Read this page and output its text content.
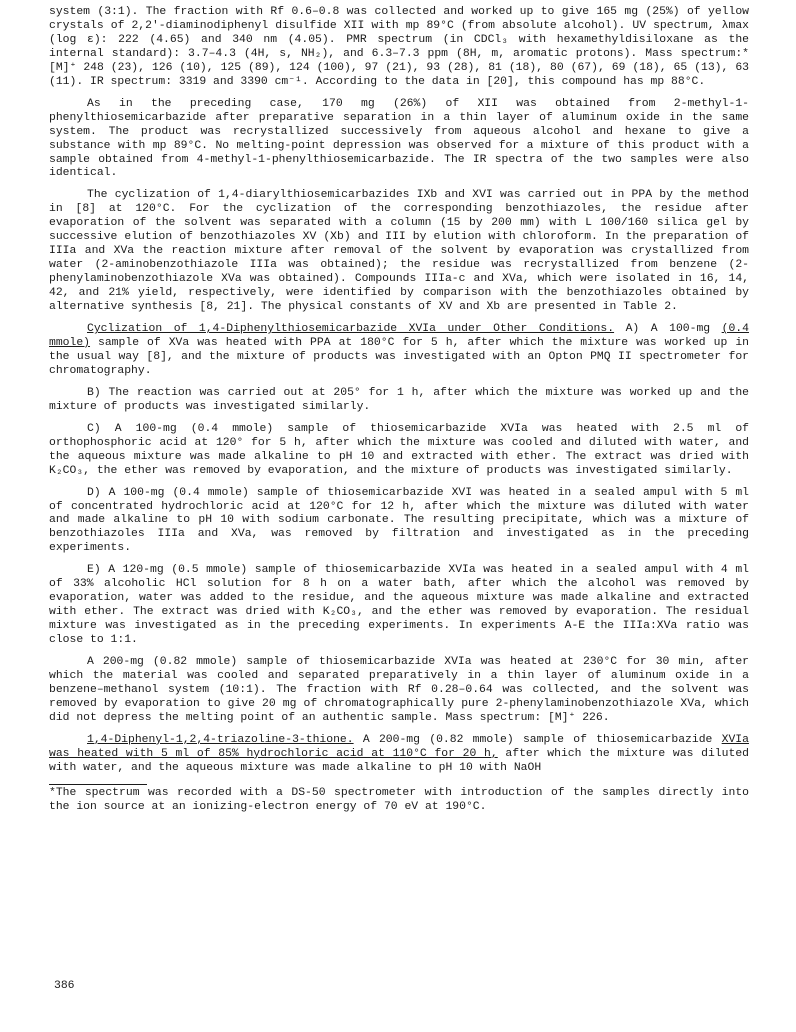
system (3:1). The fraction with Rf 0.6–0.8 was collected and worked up to give 165 mg (25%) of yellow crystals of 2,2'-diaminodiphenyl disulfide XII with mp 89°C (from absolute alcohol). UV spectrum, λmax (log ε): 222 (4.65) and 340 nm (4.05). PMR spectrum (in CDCl₃ with hexamethyldisiloxane as the internal standard): 3.7–4.3 (4H, s, NH₂), and 6.3–7.3 ppm (8H, m, aromatic protons). Mass spectrum:* [M]⁺ 248 (23), 126 (10), 125 (89), 124 (100), 97 (21), 93 (28), 81 (18), 80 (67), 69 (18), 65 (13), 63 (11). IR spectrum: 3319 and 3390 cm⁻¹. According to the data in [20], this compound has mp 88°C.

As in the preceding case, 170 mg (26%) of XII was obtained from 2-methyl-1-phenylthiosemicarbazide after preparative separation in a thin layer of aluminum oxide in the same system. The product was recrystallized successively from aqueous alcohol and hexane to give a substance with mp 89°C. No melting-point depression was observed for a mixture of this product with a sample obtained from 4-methyl-1-phenylthiosemicarbazide. The IR spectra of the two samples were also identical.

The cyclization of 1,4-diarylthiosemicarbazides IXb and XVI was carried out in PPA by the method in [8] at 120°C. For the cyclization of the corresponding benzothiazoles, the residue after evaporation of the solvent was separated with a column (15 by 200 mm) with L 100/160 silica gel by successive elution of benzothiazoles XV (Xb) and III by elution with chloroform. In the preparation of IIIa and XVa the reaction mixture after removal of the solvent by evaporation was crystallized from water (2-aminobenzothiazole IIIa was obtained); the residue was recrystallized from benzene (2-phenylaminobenzothiazole XVa was obtained). Compounds IIIa-c and XVa, which were isolated in 16, 14, 42, and 21% yield, respectively, were identified by comparison with the benzothiazoles obtained by alternative synthesis [8, 21]. The physical constants of XV and Xb are presented in Table 2.

Cyclization of 1,4-Diphenylthiosemicarbazide XVIa under Other Conditions. A) A 100-mg (0.4 mmole) sample of XVa was heated with PPA at 180°C for 5 h, after which the mixture was worked up in the usual way [8], and the mixture of products was investigated with an Opton PMQ II spectrometer for chromatography.

B) The reaction was carried out at 205° for 1 h, after which the mixture was worked up and the mixture of products was investigated similarly.

C) A 100-mg (0.4 mmole) sample of thiosemicarbazide XVIa was heated with 2.5 ml of orthophosphoric acid at 120° for 5 h, after which the mixture was cooled and diluted with water, and the aqueous mixture was made alkaline to pH 10 and extracted with ether. The extract was dried with K₂CO₃, the ether was removed by evaporation, and the mixture of products was investigated similarly.

D) A 100-mg (0.4 mmole) sample of thiosemicarbazide XVI was heated in a sealed ampul with 5 ml of concentrated hydrochloric acid at 120°C for 12 h, after which the mixture was diluted with water and made alkaline to pH 10 with sodium carbonate. The resulting precipitate, which was a mixture of benzothiazoles IIIa and XVa, was removed by filtration and investigated as in the preceding experiments.

E) A 120-mg (0.5 mmole) sample of thiosemicarbazide XVIa was heated in a sealed ampul with 4 ml of 33% alcoholic HCl solution for 8 h on a water bath, after which the alcohol was removed by evaporation, water was added to the residue, and the aqueous mixture was made alkaline and extracted with ether. The extract was dried with K₂CO₃, and the ether was removed by evaporation. The residual mixture was investigated as in the preceding experiments. In experiments A-E the IIIa:XVa ratio was close to 1:1.

A 200-mg (0.82 mmole) sample of thiosemicarbazide XVIa was heated at 230°C for 30 min, after which the material was cooled and separated preparatively in a thin layer of aluminum oxide in a benzene–methanol system (10:1). The fraction with Rf 0.28–0.64 was collected, and the solvent was removed by evaporation to give 20 mg of chromatographically pure 2-phenylaminobenzothiazole XVa, which did not depress the melting point of an authentic sample. Mass spectrum: [M]⁺ 226.

1,4-Diphenyl-1,2,4-triazoline-3-thione. A 200-mg (0.82 mmole) sample of thiosemicarbazide XVIa was heated with 5 ml of 85% hydrochloric acid at 110°C for 20 h, after which the mixture was diluted with water, and the aqueous mixture was made alkaline to pH 10 with NaOH

*The spectrum was recorded with a DS-50 spectrometer with introduction of the samples directly into the ion source at an ionizing-electron energy of 70 eV at 190°C.

386
